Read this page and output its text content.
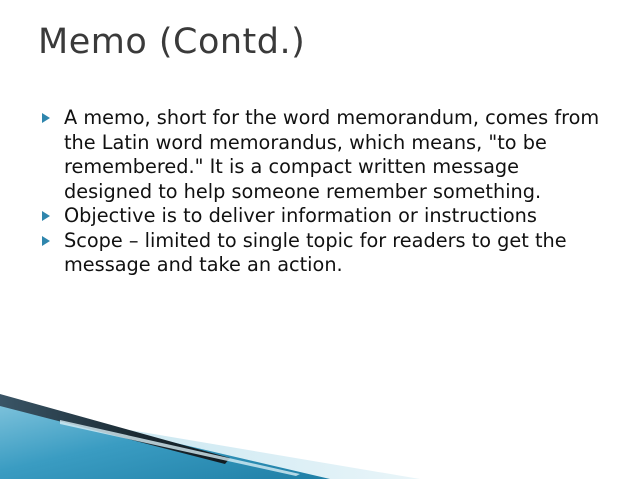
Memo (Contd.)
A memo, short for the word memorandum, comes from the Latin word memorandus, which means, "to be remembered." It is a compact written message designed to help someone remember something.
Objective is to deliver information or instructions
Scope – limited to single topic for readers to get the message and take an action.
